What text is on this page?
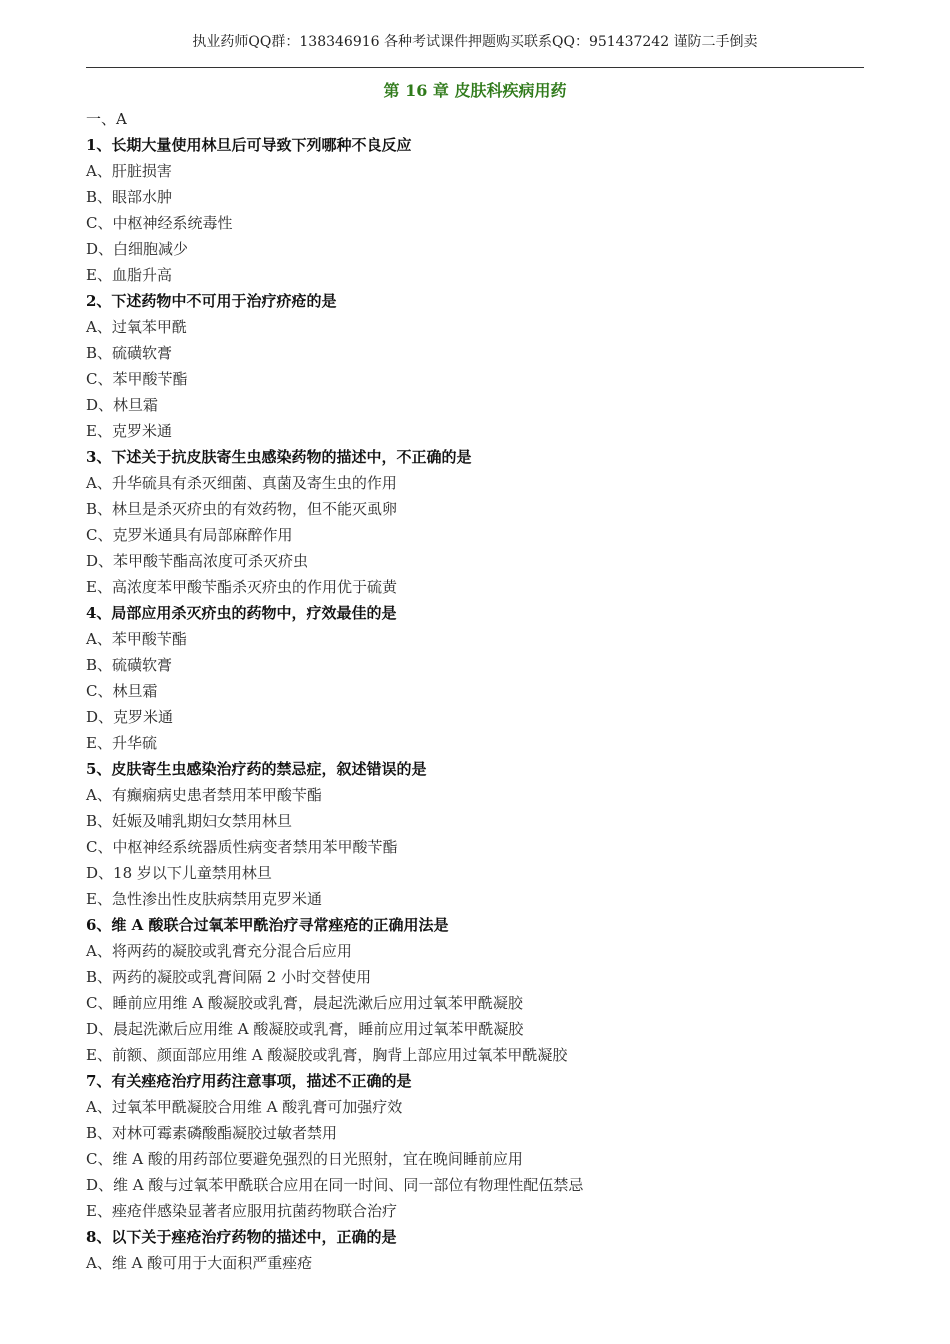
执业药师QQ群：138346916 各种考试课件押题购买联系QQ：951437242 谨防二手倒卖
第 16 章 皮肤科疾病用药
一、A
1、长期大量使用林旦后可导致下列哪种不良反应
A、肝脏损害
B、眼部水肿
C、中枢神经系统毒性
D、白细胞减少
E、血脂升高
2、下述药物中不可用于治疗疥疮的是
A、过氧苯甲酰
B、硫磺软膏
C、苯甲酸苄酯
D、林旦霜
E、克罗米通
3、下述关于抗皮肤寄生虫感染药物的描述中，不正确的是
A、升华硫具有杀灭细菌、真菌及寄生虫的作用
B、林旦是杀灭疥虫的有效药物，但不能灭虱卵
C、克罗米通具有局部麻醉作用
D、苯甲酸苄酯高浓度可杀灭疥虫
E、高浓度苯甲酸苄酯杀灭疥虫的作用优于硫黄
4、局部应用杀灭疥虫的药物中，疗效最佳的是
A、苯甲酸苄酯
B、硫磺软膏
C、林旦霜
D、克罗米通
E、升华硫
5、皮肤寄生虫感染治疗药的禁忌症，叙述错误的是
A、有癫痫病史患者禁用苯甲酸苄酯
B、妊娠及哺乳期妇女禁用林旦
C、中枢神经系统器质性病变者禁用苯甲酸苄酯
D、18 岁以下儿童禁用林旦
E、急性渗出性皮肤病禁用克罗米通
6、维 A 酸联合过氧苯甲酰治疗寻常痤疮的正确用法是
A、将两药的凝胶或乳膏充分混合后应用
B、两药的凝胶或乳膏间隔 2 小时交替使用
C、睡前应用维 A 酸凝胶或乳膏，晨起洗漱后应用过氧苯甲酰凝胶
D、晨起洗漱后应用维 A 酸凝胶或乳膏，睡前应用过氧苯甲酰凝胶
E、前额、颜面部应用维 A 酸凝胶或乳膏，胸背上部应用过氧苯甲酰凝胶
7、有关痤疮治疗用药注意事项，描述不正确的是
A、过氧苯甲酰凝胶合用维 A 酸乳膏可加强疗效
B、对林可霉素磷酸酯凝胶过敏者禁用
C、维 A 酸的用药部位要避免强烈的日光照射，宜在晚间睡前应用
D、维 A 酸与过氧苯甲酰联合应用在同一时间、同一部位有物理性配伍禁忌
E、痤疮伴感染显著者应服用抗菌药物联合治疗
8、以下关于痤疮治疗药物的描述中，正确的是
A、维 A 酸可用于大面积严重痤疮
